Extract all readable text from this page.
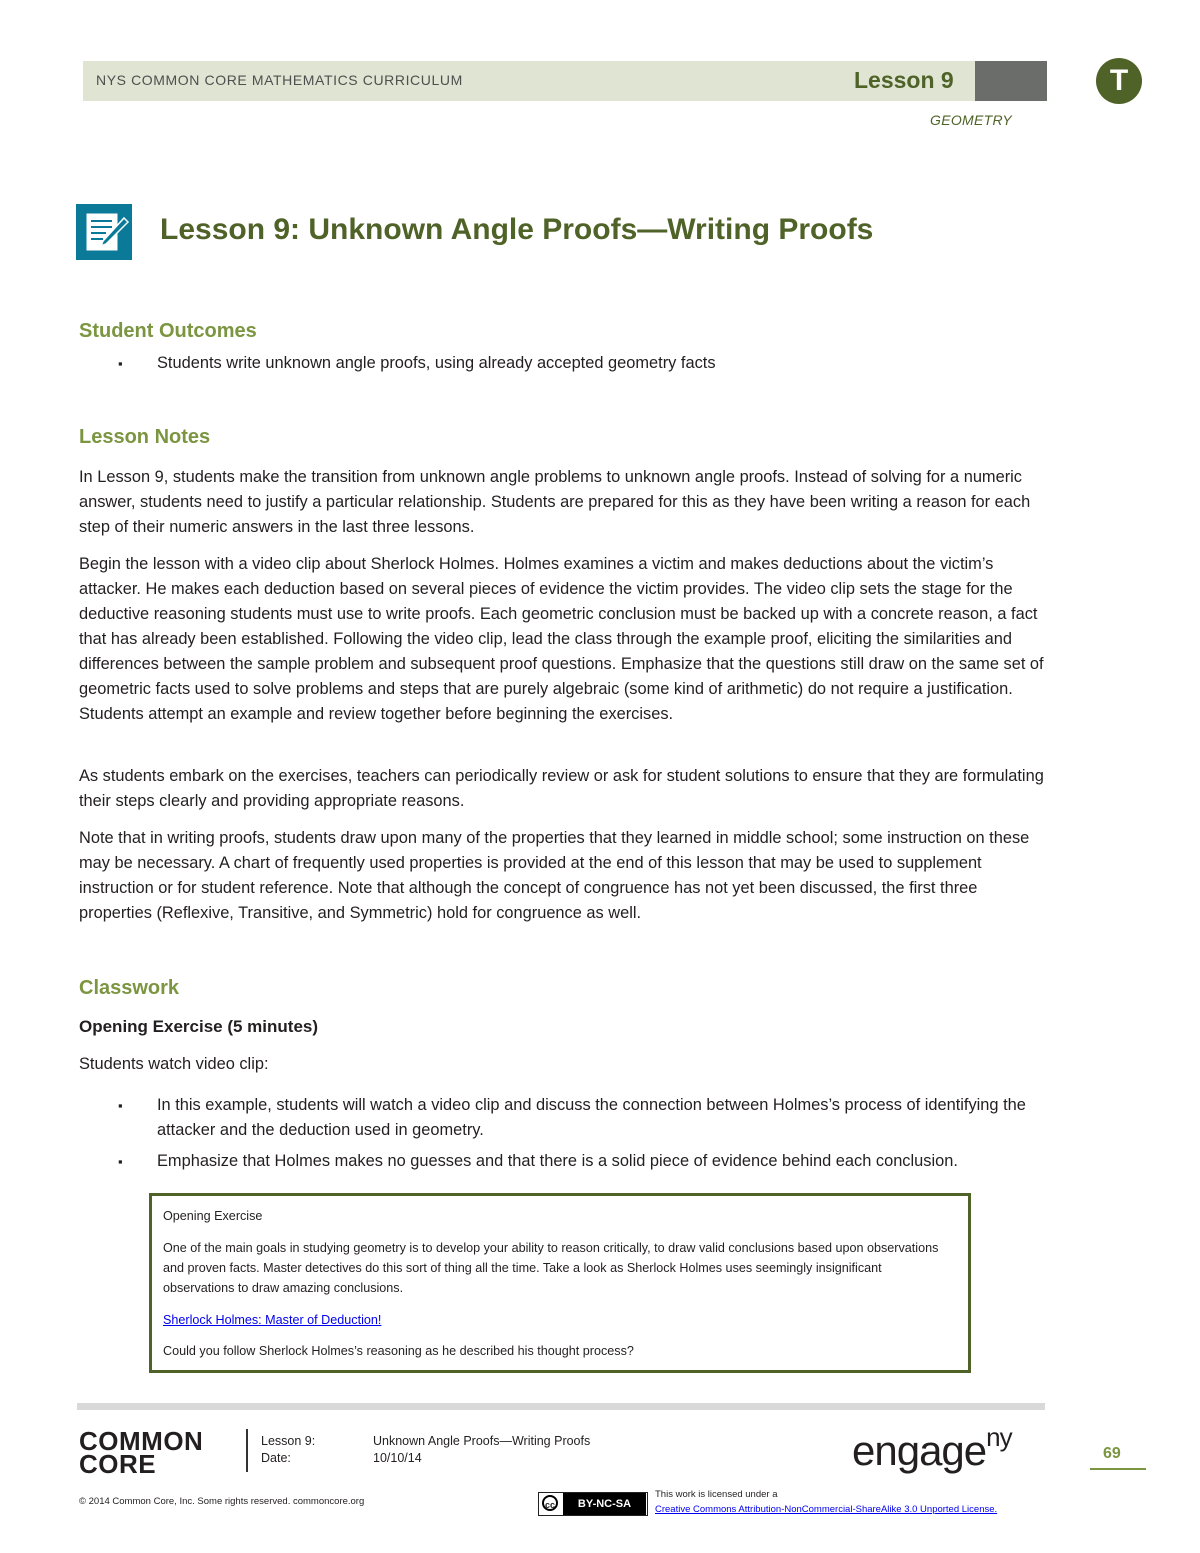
NYS COMMON CORE MATHEMATICS CURRICULUM	Lesson 9	T
GEOMETRY
Lesson 9: Unknown Angle Proofs—Writing Proofs
Student Outcomes
▪ Students write unknown angle proofs, using already accepted geometry facts
Lesson Notes

In Lesson 9, students make the transition from unknown angle problems to unknown angle proofs. Instead of solving for a numeric answer, students need to justify a particular relationship. Students are prepared for this as they have been writing a reason for each step of their numeric answers in the last three lessons.

Begin the lesson with a video clip about Sherlock Holmes. Holmes examines a victim and makes deductions about the victim’s attacker. He makes each deduction based on several pieces of evidence the victim provides. The video clip sets the stage for the deductive reasoning students must use to write proofs. Each geometric conclusion must be backed up with a concrete reason, a fact that has already been established. Following the video clip, lead the class through the example proof, eliciting the similarities and differences between the sample problem and subsequent proof questions. Emphasize that the questions still draw on the same set of geometric facts used to solve problems and steps that are purely algebraic (some kind of arithmetic) do not require a justification. Students attempt an example and review together before beginning the exercises.

As students embark on the exercises, teachers can periodically review or ask for student solutions to ensure that they are formulating their steps clearly and providing appropriate reasons.

Note that in writing proofs, students draw upon many of the properties that they learned in middle school; some instruction on these may be necessary. A chart of frequently used properties is provided at the end of this lesson that may be used to supplement instruction or for student reference. Note that although the concept of congruence has not yet been discussed, the first three properties (Reflexive, Transitive, and Symmetric) hold for congruence as well.

Classwork
Opening Exercise (5 minutes)
Students watch video clip:
▪ In this example, students will watch a video clip and discuss the connection between Holmes’s process of identifying the attacker and the deduction used in geometry.
▪ Emphasize that Holmes makes no guesses and that there is a solid piece of evidence behind each conclusion.
Opening Exercise
One of the main goals in studying geometry is to develop your ability to reason critically, to draw valid conclusions based upon observations and proven facts. Master detectives do this sort of thing all the time. Take a look as Sherlock Holmes uses seemingly insignificant observations to draw amazing conclusions.
Sherlock Holmes: Master of Deduction!
Could you follow Sherlock Holmes’s reasoning as he described his thought process?
COMMON
CORE
Lesson 9:	Unknown Angle Proofs—Writing Proofs
Date:	10/10/14	engage$^{ny}$
69
© 2014 Common Core, Inc. Some rights reserved. commoncore.org	cc	BY-NC-SA
This work is licensed under a
Creative Commons Attribution-NonCommercial-ShareAlike 3.0 Unported License.
